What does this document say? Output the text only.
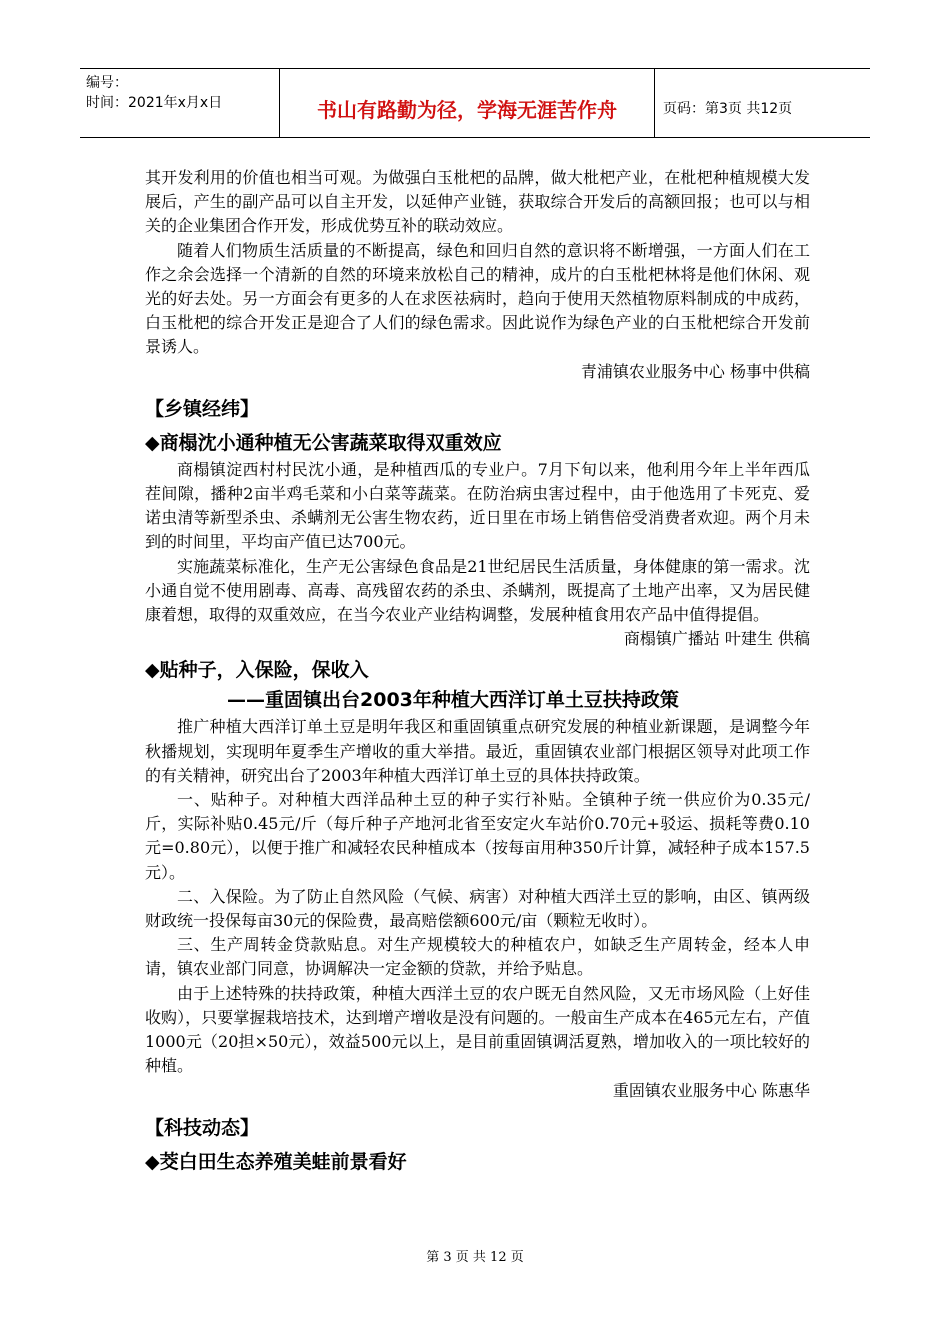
编号：
时间：2021年x月x日	书山有路勤为径，学海无涯苦作舟	页码：第3页 共12页

其开发利用的价值也相当可观。为做强白玉枇杷的品牌，做大枇杷产业，在枇杷种植规模大发展后，产生的副产品可以自主开发，以延伸产业链，获取综合开发后的高额回报；也可以与相关的企业集团合作开发，形成优势互补的联动效应。

随着人们物质生活质量的不断提高，绿色和回归自然的意识将不断增强，一方面人们在工作之余会选择一个清新的自然的环境来放松自己的精神，成片的白玉枇杷林将是他们休闲、观光的好去处。另一方面会有更多的人在求医祛病时，趋向于使用天然植物原料制成的中成药，白玉枇杷的综合开发正是迎合了人们的绿色需求。因此说作为绿色产业的白玉枇杷综合开发前景诱人。

青浦镇农业服务中心 杨事中供稿

【乡镇经纬】
◆商榻沈小通种植无公害蔬菜取得双重效应

商榻镇淀西村村民沈小通，是种植西瓜的专业户。7月下旬以来，他利用今年上半年西瓜茬间隙，播种2亩半鸡毛菜和小白菜等蔬菜。在防治病虫害过程中，由于他选用了卡死克、爱诺虫清等新型杀虫、杀螨剂无公害生物农药，近日里在市场上销售倍受消费者欢迎。两个月未到的时间里，平均亩产值已达700元。

实施蔬菜标准化，生产无公害绿色食品是21世纪居民生活质量，身体健康的第一需求。沈小通自觉不使用剧毒、高毒、高残留农药的杀虫、杀螨剂，既提高了土地产出率，又为居民健康着想，取得的双重效应，在当今农业产业结构调整，发展种植食用农产品中值得提倡。

商榻镇广播站 叶建生 供稿

◆贴种子，入保险，保收入
——重固镇出台2003年种植大西洋订单土豆扶持政策

推广种植大西洋订单土豆是明年我区和重固镇重点研究发展的种植业新课题，是调整今年秋播规划，实现明年夏季生产增收的重大举措。最近，重固镇农业部门根据区领导对此项工作的有关精神，研究出台了2003年种植大西洋订单土豆的具体扶持政策。

一、贴种子。对种植大西洋品种土豆的种子实行补贴。全镇种子统一供应价为0.35元/斤，实际补贴0.45元/斤（每斤种子产地河北省至安定火车站价0.70元+驳运、损耗等费0.10元=0.80元），以便于推广和减轻农民种植成本（按每亩用种350斤计算，减轻种子成本157.5元）。

二、入保险。为了防止自然风险（气候、病害）对种植大西洋土豆的影响，由区、镇两级财政统一投保每亩30元的保险费，最高赔偿额600元/亩（颗粒无收时）。

三、生产周转金贷款贴息。对生产规模较大的种植农户，如缺乏生产周转金，经本人申请，镇农业部门同意，协调解决一定金额的贷款，并给予贴息。

由于上述特殊的扶持政策，种植大西洋土豆的农户既无自然风险，又无市场风险（上好佳收购），只要掌握栽培技术，达到增产增收是没有问题的。一般亩生产成本在465元左右，产值1000元（20担×50元），效益500元以上，是目前重固镇调活夏熟，增加收入的一项比较好的种植。

重固镇农业服务中心 陈惠华

【科技动态】
◆茭白田生态养殖美蛙前景看好
第 3 页 共 12 页
